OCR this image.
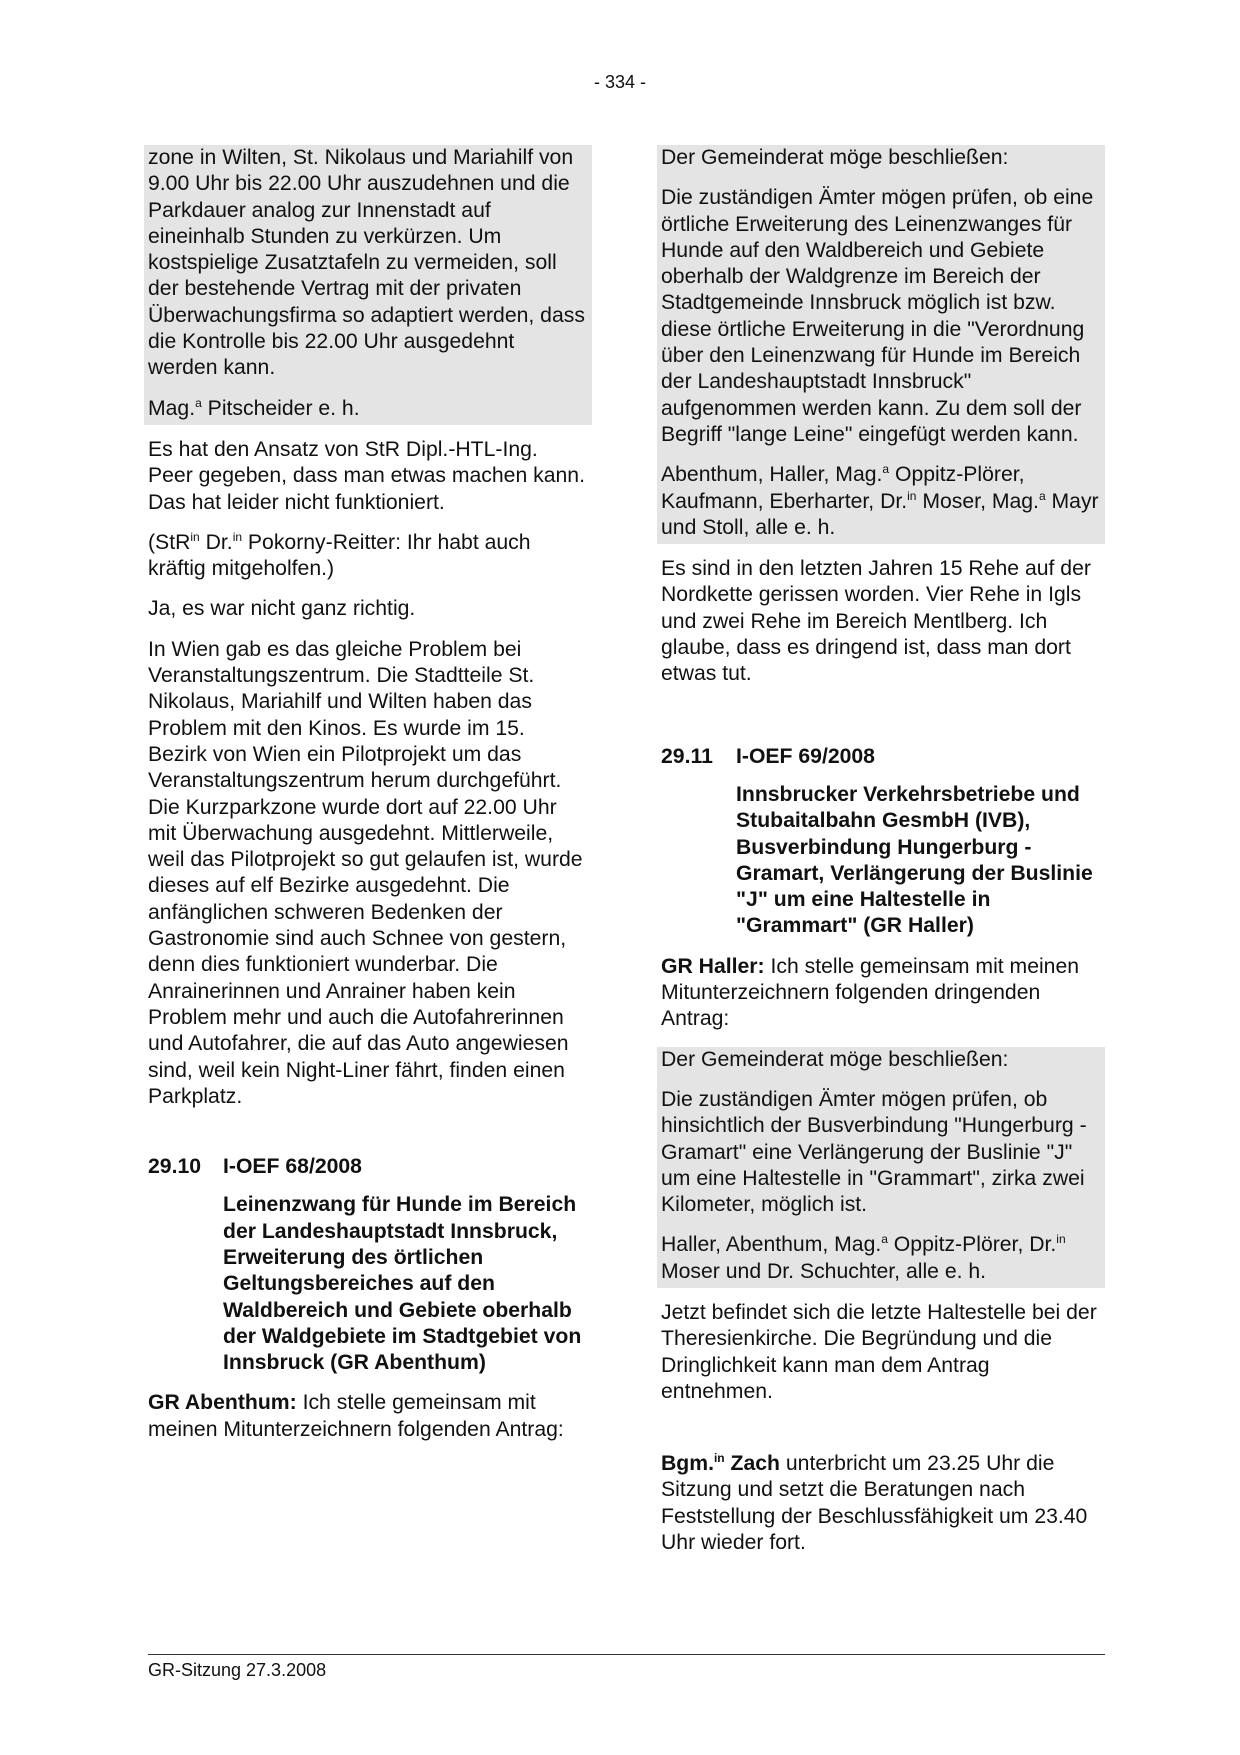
- 334 -

zone in Wilten, St. Nikolaus und Mariahilf von 9.00 Uhr bis 22.00 Uhr auszudehnen und die Parkdauer analog zur Innenstadt auf eineinhalb Stunden zu verkürzen. Um kostspielige Zusatztafeln zu vermeiden, soll der bestehende Vertrag mit der privaten Überwachungsfirma so adaptiert werden, dass die Kontrolle bis 22.00 Uhr ausgedehnt werden kann.

Mag.$^a$ Pitscheider e. h.

Es hat den Ansatz von StR Dipl.-HTL-Ing. Peer gegeben, dass man etwas machen kann. Das hat leider nicht funktioniert.

(StR$^{in}$ Dr.$^{in}$ Pokorny-Reitter: Ihr habt auch kräftig mitgeholfen.)

Ja, es war nicht ganz richtig.

In Wien gab es das gleiche Problem bei Veranstaltungszentrum. Die Stadtteile St. Nikolaus, Mariahilf und Wilten haben das Problem mit den Kinos. Es wurde im 15. Bezirk von Wien ein Pilotprojekt um das Veranstaltungszentrum herum durchgeführt. Die Kurzparkzone wurde dort auf 22.00 Uhr mit Überwachung ausgedehnt. Mittlerweile, weil das Pilotprojekt so gut gelaufen ist, wurde dieses auf elf Bezirke ausgedehnt. Die anfänglichen schweren Bedenken der Gastronomie sind auch Schnee von gestern, denn dies funktioniert wunderbar. Die Anrainerinnen und Anrainer haben kein Problem mehr und auch die Autofahrerinnen und Autofahrer, die auf das Auto angewiesen sind, weil kein Night-Liner fährt, finden einen Parkplatz.

29.10 I-OEF 68/2008
Leinenzwang für Hunde im Bereich der Landeshauptstadt Innsbruck, Erweiterung des örtlichen Geltungsbereiches auf den Waldbereich und Gebiete oberhalb der Waldgebiete im Stadtgebiet von Innsbruck (GR Abenthum)

GR Abenthum: Ich stelle gemeinsam mit meinen Mitunterzeichnern folgenden Antrag:

Der Gemeinderat möge beschließen:

Die zuständigen Ämter mögen prüfen, ob eine örtliche Erweiterung des Leinenzwanges für Hunde auf den Waldbereich und Gebiete oberhalb der Waldgrenze im Bereich der Stadtgemeinde Innsbruck möglich ist bzw. diese örtliche Erweiterung in die "Verordnung über den Leinenzwang für Hunde im Bereich der Landeshauptstadt Innsbruck" aufgenommen werden kann. Zu dem soll der Begriff "lange Leine" eingefügt werden kann.

Abenthum, Haller, Mag.$^a$ Oppitz-Plörer, Kaufmann, Eberharter, Dr.$^{in}$ Moser, Mag.$^a$ Mayr und Stoll, alle e. h.

Es sind in den letzten Jahren 15 Rehe auf der Nordkette gerissen worden. Vier Rehe in Igls und zwei Rehe im Bereich Mentlberg. Ich glaube, dass es dringend ist, dass man dort etwas tut.

29.11 I-OEF 69/2008
Innsbrucker Verkehrsbetriebe und Stubaitalbahn GesmbH (IVB), Busverbindung Hungerburg - Gramart, Verlängerung der Buslinie "J" um eine Haltestelle in "Grammart" (GR Haller)

GR Haller: Ich stelle gemeinsam mit meinen Mitunterzeichnern folgenden dringenden Antrag:

Der Gemeinderat möge beschließen:

Die zuständigen Ämter mögen prüfen, ob hinsichtlich der Busverbindung "Hungerburg - Gramart" eine Verlängerung der Buslinie "J" um eine Haltestelle in "Grammart", zirka zwei Kilometer, möglich ist.

Haller, Abenthum, Mag.$^a$ Oppitz-Plörer, Dr.$^{in}$ Moser und Dr. Schuchter, alle e. h.

Jetzt befindet sich die letzte Haltestelle bei der Theresienkirche. Die Begründung und die Dringlichkeit kann man dem Antrag entnehmen.

Bgm.$^{in}$ Zach unterbricht um 23.25 Uhr die Sitzung und setzt die Beratungen nach Feststellung der Beschlussfähigkeit um 23.40 Uhr wieder fort.

GR-Sitzung 27.3.2008
